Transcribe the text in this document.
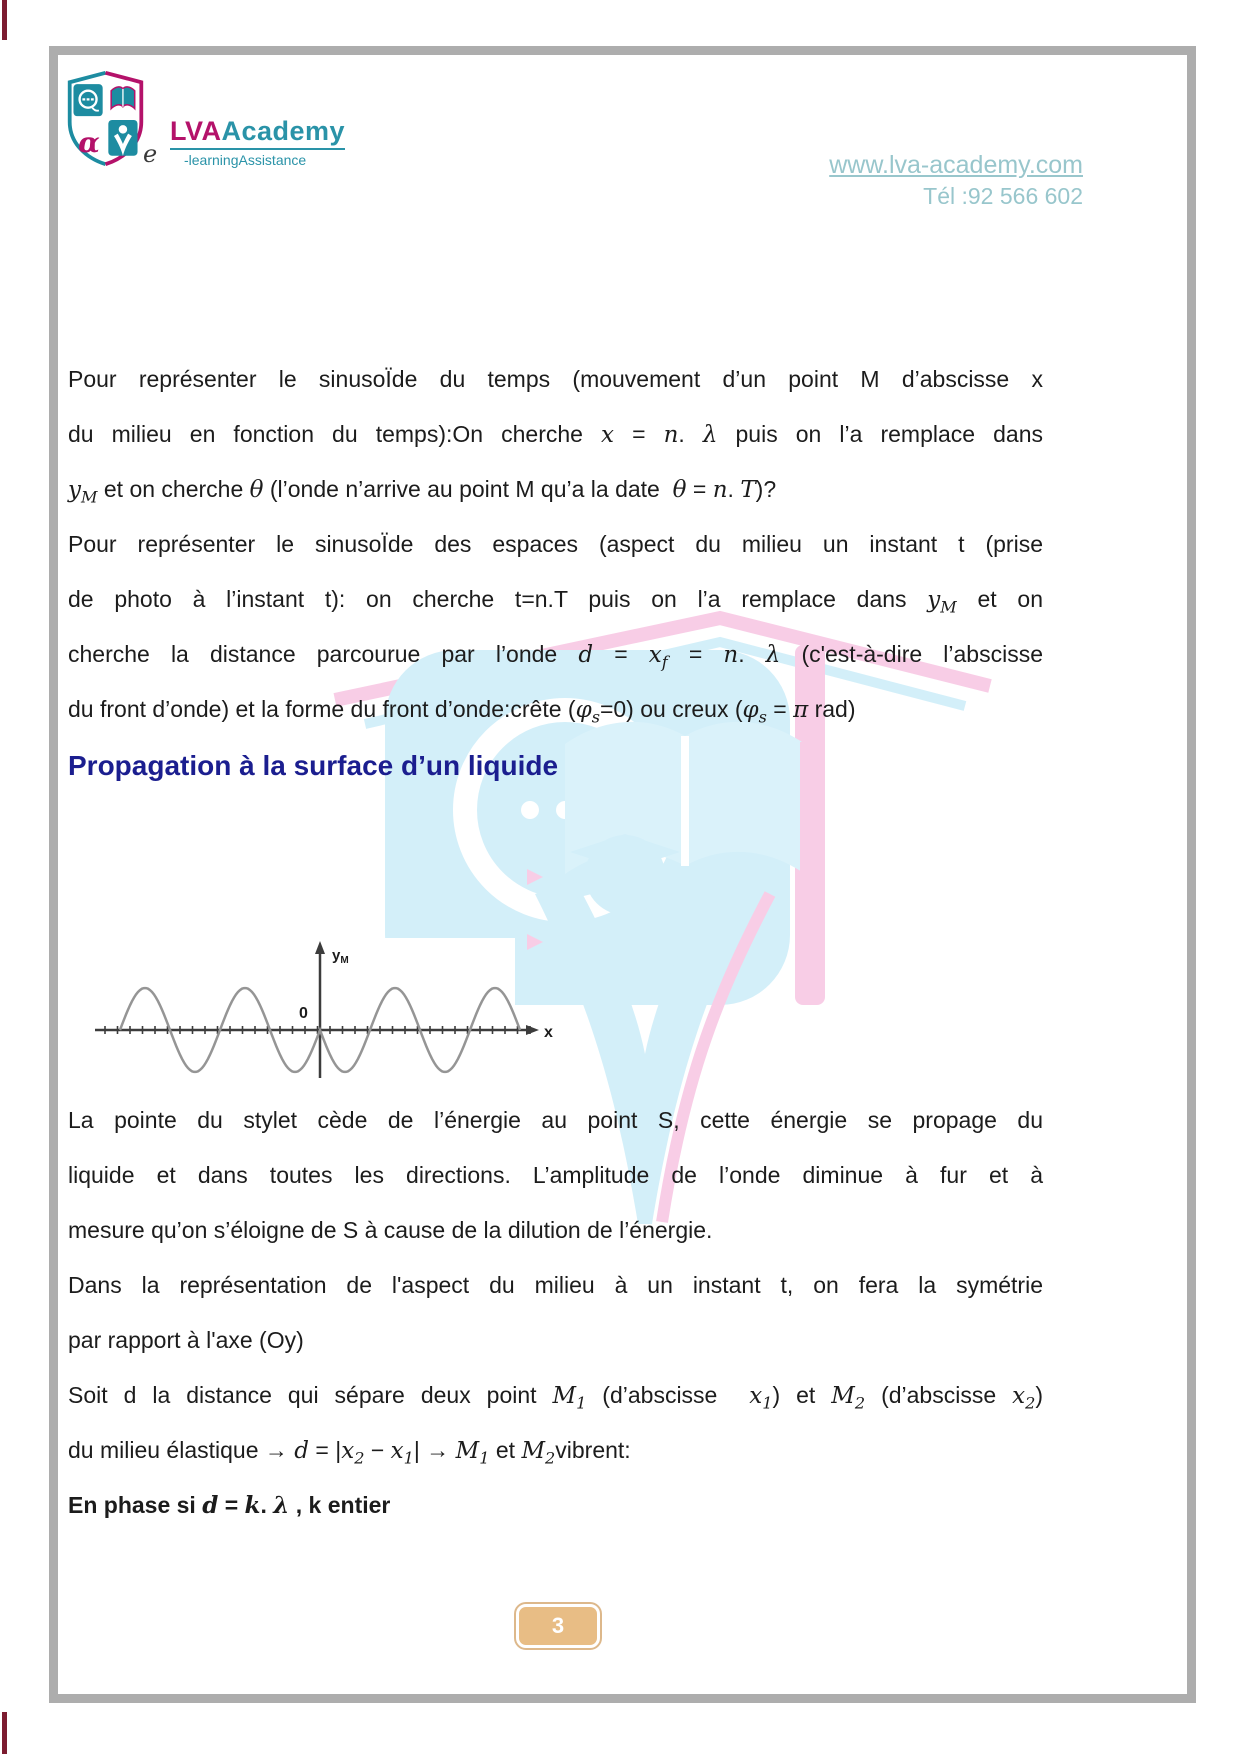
α	LVAAcademy
e -learningAssistance	www.lva-academy.com
Tél :92 566 602
Pour représenter le sinusoÏde du temps (mouvement d’un point M d’abscisse x
du milieu en fonction du temps):On cherche x = n. λ puis on l’a remplace dans
$y_M$ et on cherche θ (l’onde n’arrive au point M qu’a la date  θ = n. T)?
Pour représenter le sinusoÏde des espaces (aspect du milieu un instant t (prise
de photo à l’instant t): on cherche t=n.T puis on l’a remplace dans $y_M$ et on
cherche la distance parcourue par l’onde $d = x_f = n$. λ (c'est-à-dire l’abscisse
du front d’onde) et la forme du front d’onde:crête $(\varphi_s=0)$ ou creux ($\varphi_s = \pi$ rad)
Propagation à la surface d’un liquide
$y_M$
0
x
La pointe du stylet cède de l’énergie au point S, cette énergie se propage du
liquide et dans toutes les directions. L’amplitude de l’onde diminue à fur et à
mesure qu’on s’éloigne de S à cause de la dilution de l’énergie.
Dans la représentation de l'aspect du milieu à un instant t, on fera la symétrie
par rapport à l'axe (Oy)
Soit d la distance qui sépare deux point $M_1$ (d’abscisse  $x_1$) et $M_2$ (d’abscisse $x_2$)
du milieu élastique → $d = |x_2 - x_1| \to M_1$ et $M_2vibrent$:
En phase si d = k. λ , k entier
3
